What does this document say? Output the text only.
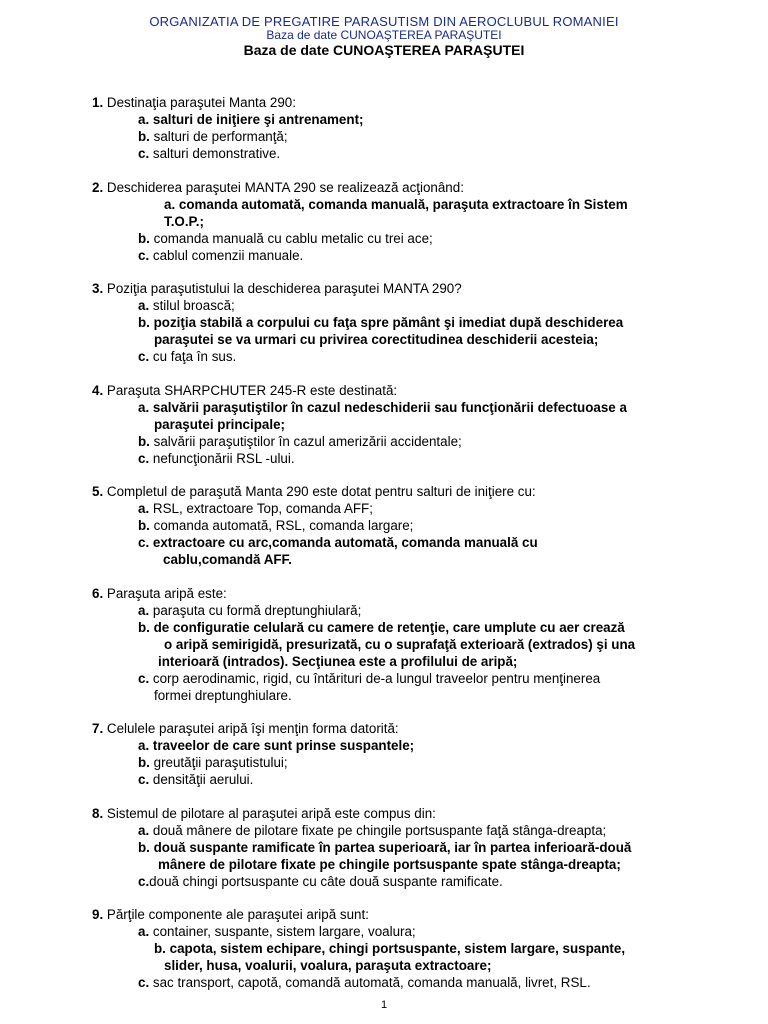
ORGANIZATIA DE PREGATIRE PARASUTISM DIN AEROCLUBUL ROMANIEI
Baza de date CUNOAŞTEREA PARAŞUTEI
Baza de date CUNOAŞTEREA PARAŞUTEI
1. Destinaţia paraşutei Manta 290:
a. salturi de iniţiere şi antrenament;
b. salturi de performanţă;
c. salturi demonstrative.
2. Deschiderea paraşutei MANTA 290 se realizează acţionând:
a. comanda automată, comanda manuală, paraşuta extractoare în Sistem
T.O.P.;
b. comanda manuală cu cablu metalic cu trei ace;
c. cablul comenzii manuale.
3. Poziţia paraşutistului la deschiderea paraşutei MANTA 290?
a. stilul broască;
b. poziţia stabilă a corpului cu faţa spre pământ şi imediat după deschiderea
paraşutei se va urmari cu privirea corectitudinea deschiderii acesteia;
c. cu faţa în sus.
4. Paraşuta SHARPCHUTER 245-R este destinată:
a. salvării paraşutiştilor în cazul nedeschiderii sau funcţionării defectuoase a
paraşutei principale;
b. salvării paraşutiştilor în cazul amerizării accidentale;
c. nefuncţionării RSL -ului.
5. Completul de paraşută Manta 290 este dotat pentru salturi de iniţiere cu:
a. RSL, extractoare Top, comanda AFF;
b. comanda automată, RSL, comanda largare;
c. extractoare cu arc,comanda automată, comanda manuală cu
cablu,comandă AFF.
6. Paraşuta aripă este:
a. paraşuta cu formă dreptunghiulară;
b. de configuratie celulară cu camere de retenţie, care umplute cu aer crează
o aripă semirigidă, presurizată, cu o suprafaţă exterioară (extrados) şi una
interioară (intrados). Secţiunea este a profilului de aripă;
c. corp aerodinamic, rigid, cu întărituri de-a lungul traveelor pentru menţinerea
formei dreptunghiulare.
7. Celulele paraşutei aripă îşi menţin forma datorită:
a. traveelor de care sunt prinse suspantele;
b. greutăţii paraşutistului;
c. densităţii aerului.
8. Sistemul de pilotare al paraşutei aripă este compus din:
a. două mânere de pilotare fixate pe chingile portsuspante faţă stânga-dreapta;
b. două suspante ramificate în partea superioară, iar în partea inferioară-două
mânere de pilotare fixate pe chingile portsuspante spate stânga-dreapta;
c.două chingi portsuspante cu câte două suspante ramificate.
9. Părţile componente ale paraşutei aripă sunt:
a. container, suspante, sistem largare, voalura;
b. capota, sistem echipare, chingi portsuspante, sistem largare, suspante,
slider, husa, voalurii, voalura, paraşuta extractoare;
c. sac transport, capotă, comandă automată, comanda manuală, livret, RSL.
1
